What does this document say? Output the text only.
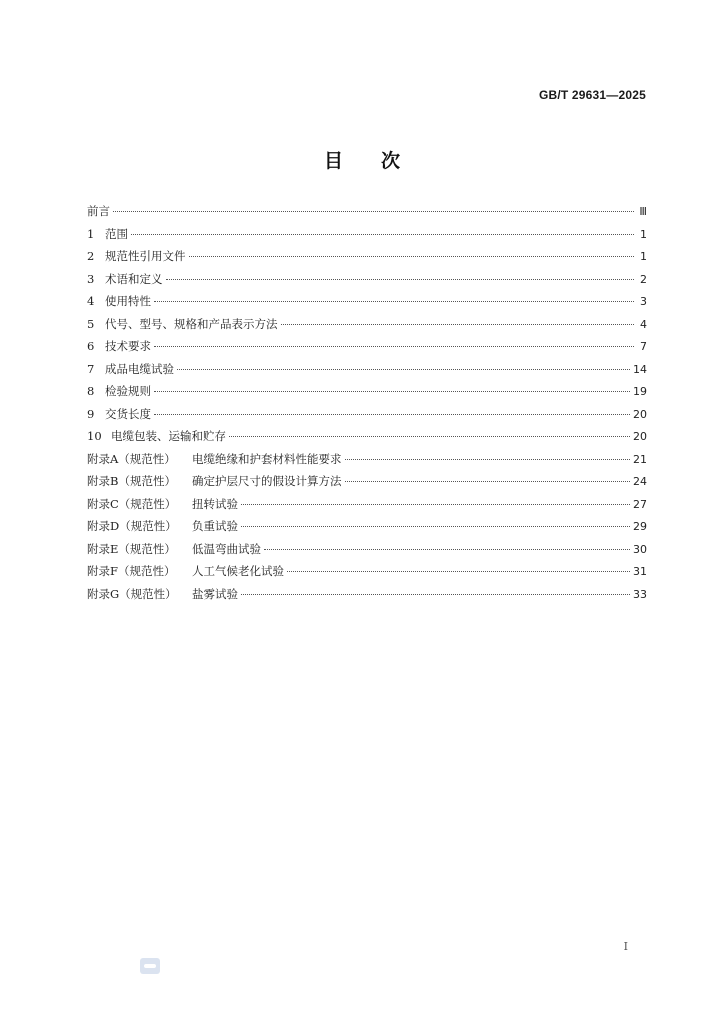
GB/T 29631—2025
目 次
前言	Ⅲ
1 范围	1
2 规范性引用文件	1
3 术语和定义	2
4 使用特性	3
5 代号、型号、规格和产品表示方法	4
6 技术要求	7
7 成品电缆试验	14
8 检验规则	19
9 交货长度	20
10 电缆包装、运输和贮存	20
附录A（规范性）	电缆绝缘和护套材料性能要求	21
附录B（规范性）	确定护层尺寸的假设计算方法	24
附录C（规范性）	扭转试验	27
附录D（规范性）	负重试验	29
附录E（规范性）	低温弯曲试验	30
附录F（规范性）	人工气候老化试验	31
附录G（规范性）	盐雾试验	33
I
